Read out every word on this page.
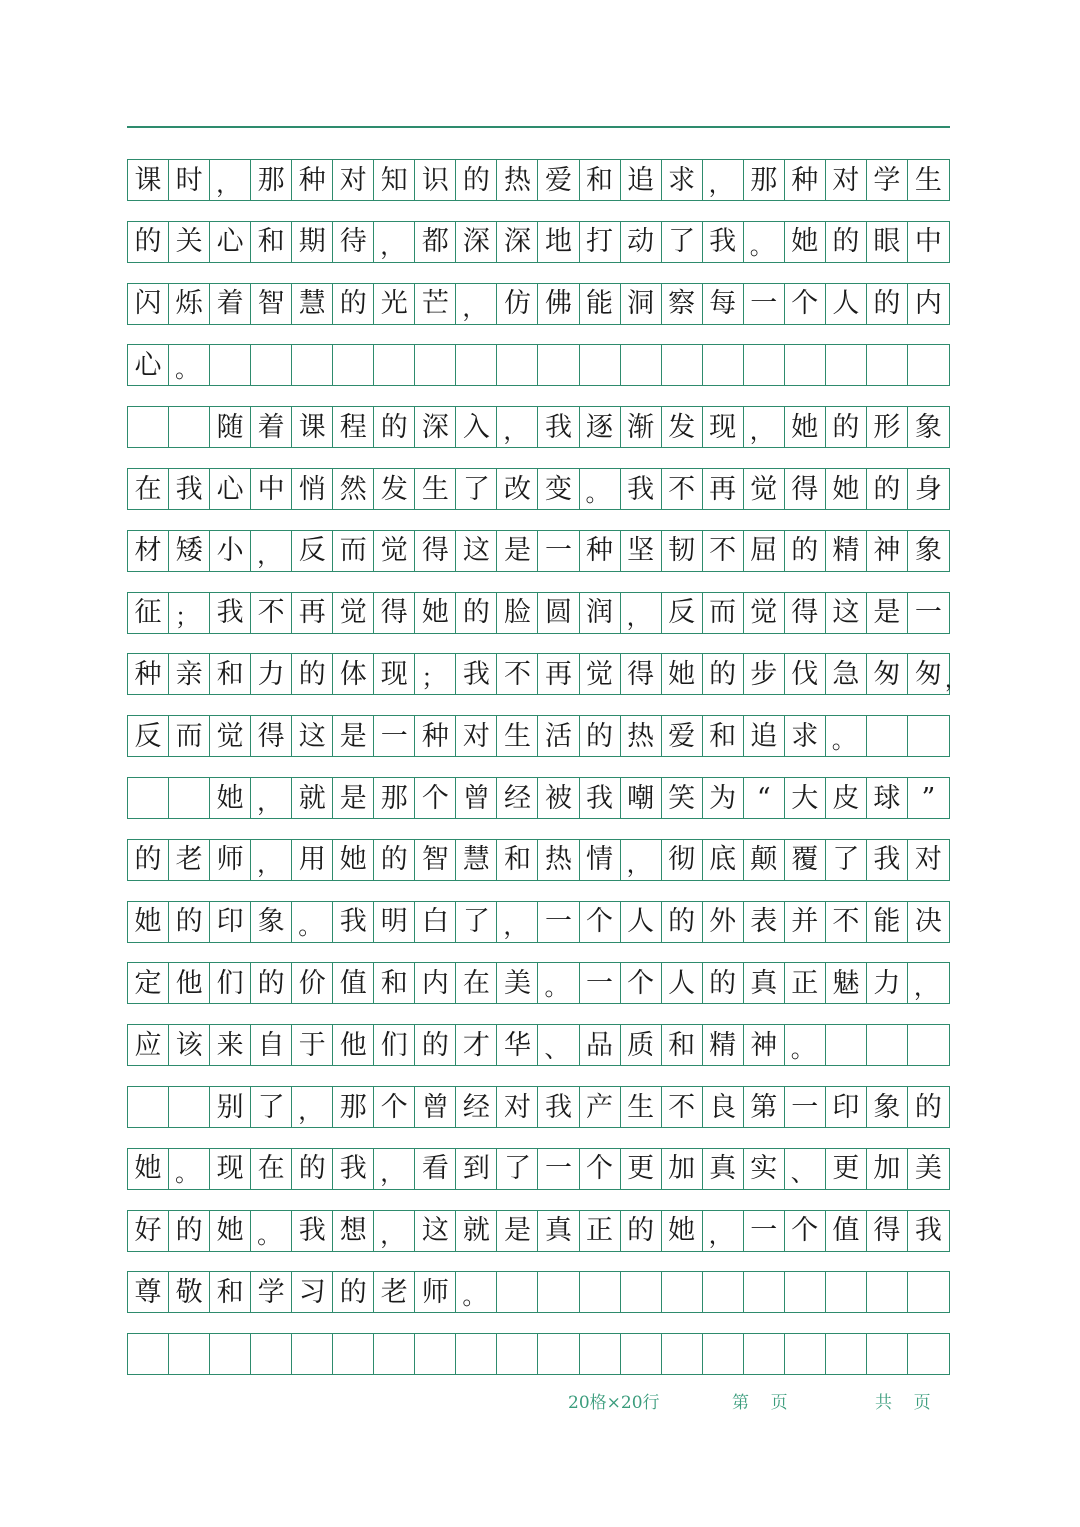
课 时 ， 那 种 对 知 识 的 热 爱 和 追 求 ， 那 种 对 学 生
的 关 心 和 期 待 ， 都 深 深 地 打 动 了 我 。 她 的 眼 中
闪 烁 着 智 慧 的 光 芒 ， 仿 佛 能 洞 察 每 一 个 人 的 内
心 。
随 着 课 程 的 深 入 ， 我 逐 渐 发 现 ， 她 的 形 象
在 我 心 中 悄 然 发 生 了 改 变 。 我 不 再 觉 得 她 的 身
材 矮 小 ， 反 而 觉 得 这 是 一 种 坚 韧 不 屈 的 精 神 象
征 ； 我 不 再 觉 得 她 的 脸 圆 润 ， 反 而 觉 得 这 是 一
种 亲 和 力 的 体 现 ； 我 不 再 觉 得 她 的 步 伐 急 匆 匆 ，
反 而 觉 得 这 是 一 种 对 生 活 的 热 爱 和 追 求 。
她 ， 就 是 那 个 曾 经 被 我 嘲 笑 为 “ 大 皮 球 ”
的 老 师 ， 用 她 的 智 慧 和 热 情 ， 彻 底 颠 覆 了 我 对
她 的 印 象 。 我 明 白 了 ， 一 个 人 的 外 表 并 不 能 决
定 他 们 的 价 值 和 内 在 美 。 一 个 人 的 真 正 魅 力 ，
应 该 来 自 于 他 们 的 才 华 、 品 质 和 精 神 。
别 了 ， 那 个 曾 经 对 我 产 生 不 良 第 一 印 象 的
她 。 现 在 的 我 ， 看 到 了 一 个 更 加 真 实 、 更 加 美
好 的 她 。 我 想 ， 这 就 是 真 正 的 她 ， 一 个 值 得 我
尊 敬 和 学 习 的 老 师 。
20格×20行	第    页	共    页
